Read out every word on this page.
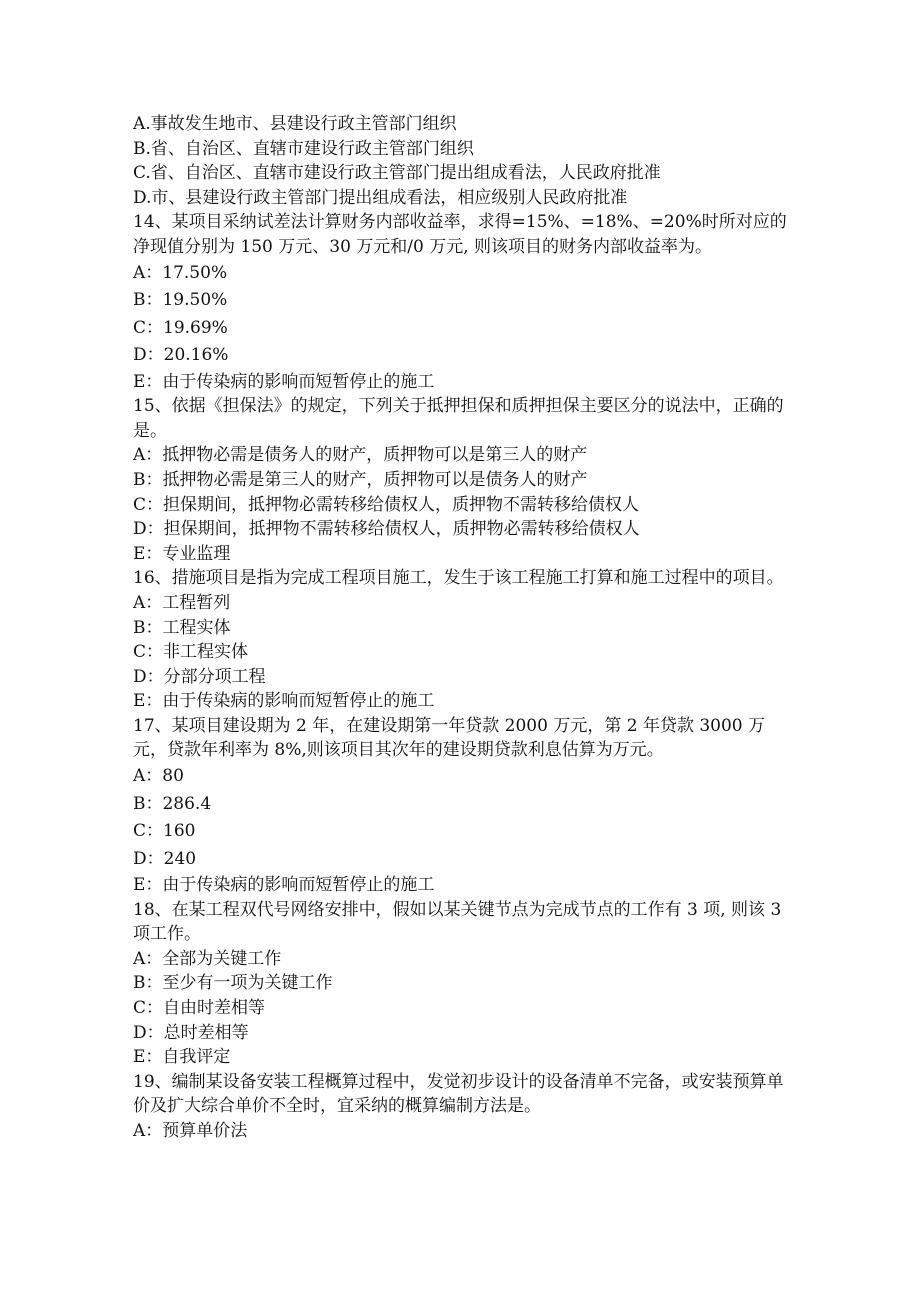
A.事故发生地市、县建设行政主管部门组织
B.省、自治区、直辖市建设行政主管部门组织
C.省、自治区、直辖市建设行政主管部门提出组成看法，人民政府批准
D.市、县建设行政主管部门提出组成看法，相应级别人民政府批准
14、某项目采纳试差法计算财务内部收益率，求得=15%、=18%、=20%时所对应的净现值分别为 150 万元、30 万元和/0 万元, 则该项目的财务内部收益率为。
A：17.50%
B：19.50%
C：19.69%
D：20.16%
E：由于传染病的影响而短暂停止的施工
15、依据《担保法》的规定，下列关于抵押担保和质押担保主要区分的说法中，正确的是。
A：抵押物必需是债务人的财产，质押物可以是第三人的财产
B：抵押物必需是第三人的财产，质押物可以是债务人的财产
C：担保期间，抵押物必需转移给债权人，质押物不需转移给债权人
D：担保期间，抵押物不需转移给债权人，质押物必需转移给债权人
E：专业监理
16、措施项目是指为完成工程项目施工，发生于该工程施工打算和施工过程中的项目。
A：工程暂列
B：工程实体
C：非工程实体
D：分部分项工程
E：由于传染病的影响而短暂停止的施工
17、某项目建设期为 2 年，在建设期第一年贷款 2000 万元，第 2 年贷款 3000 万元，贷款年利率为 8%,则该项目其次年的建设期贷款利息估算为万元。
A：80
B：286.4
C：160
D：240
E：由于传染病的影响而短暂停止的施工
18、在某工程双代号网络安排中，假如以某关键节点为完成节点的工作有 3 项, 则该 3 项工作。
A：全部为关键工作
B：至少有一项为关键工作
C：自由时差相等
D：总时差相等
E：自我评定
19、编制某设备安装工程概算过程中，发觉初步设计的设备清单不完备，或安装预算单价及扩大综合单价不全时，宜采纳的概算编制方法是。
A：预算单价法
